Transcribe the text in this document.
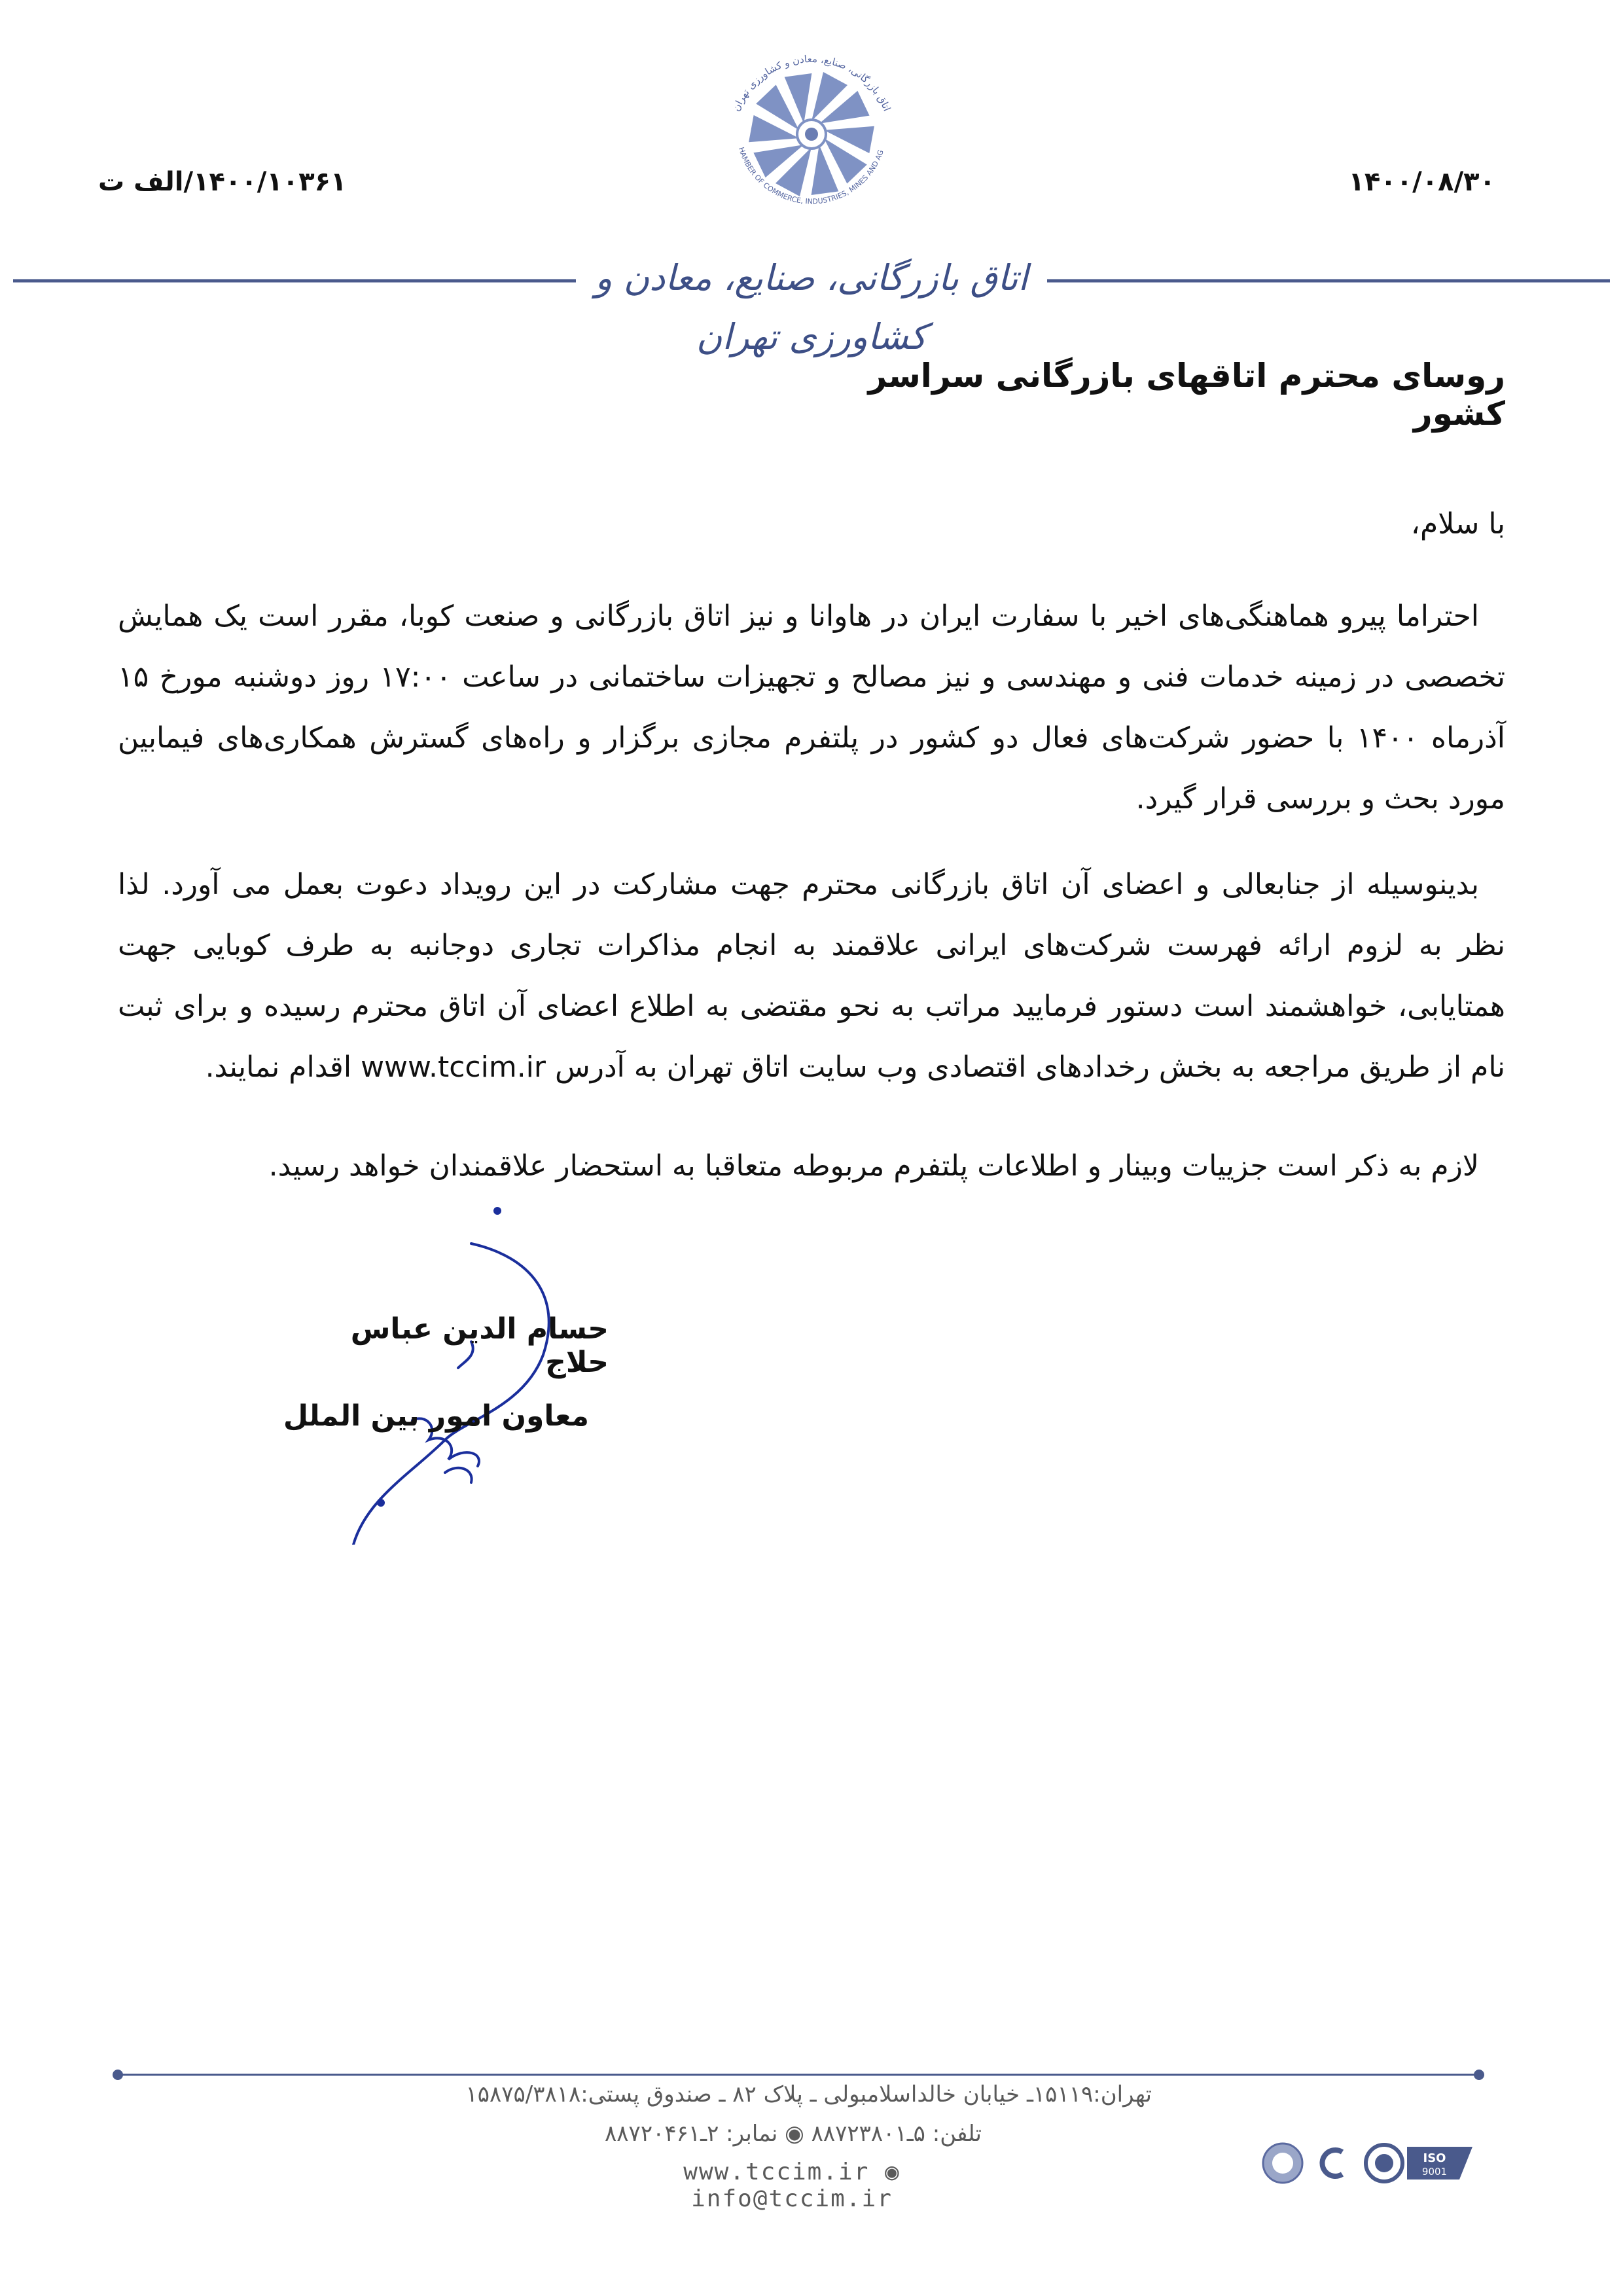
اتاق بازرگانی، صنایع، معادن و کشاورزی تهران
HAMBER OF COMMERCE, INDUSTRIES, MINES AND AG
۱۴۰۰/۰۸/۳۰
۱۴۰۰/۱۰۳۶۱/الف ت
اتاق بازرگانی، صنایع، معادن و کشاورزی تهران
روسای محترم اتاقهای بازرگانی سراسر کشور
با سلام،

احتراما پیرو هماهنگی‌های اخیر با سفارت ایران در هاوانا و نیز اتاق بازرگانی و صنعت کوبا، مقرر است یک همایش تخصصی در زمینه خدمات فنی و مهندسی و نیز مصالح و تجهیزات ساختمانی در ساعت ۱۷:۰۰ روز دوشنبه مورخ ۱۵ آذرماه ۱۴۰۰ با حضور شرکت‌های فعال دو کشور در پلتفرم مجازی برگزار و راه‌های گسترش همکاری‌های فیمابین مورد بحث و بررسی قرار گیرد.

بدینوسیله از جنابعالی و اعضای آن اتاق بازرگانی محترم جهت مشارکت در این رویداد دعوت بعمل می آورد. لذا نظر به لزوم ارائه فهرست شرکت‌های ایرانی علاقمند به انجام مذاکرات تجاری دوجانبه به طرف کوبایی جهت همتایابی، خواهشمند است دستور فرمایید مراتب به نحو مقتضی به اطلاع اعضای آن اتاق محترم رسیده و برای ثبت نام از طریق مراجعه به بخش رخدادهای اقتصادی وب سایت اتاق تهران به آدرس www.tccim.ir اقدام نمایند.

لازم به ذکر است جزییات وبینار و اطلاعات پلتفرم مربوطه متعاقبا به استحضار علاقمندان خواهد رسید.

حسام الدین عباس حلاج
معاون امور بین الملل
تهران:۱۵۱۱۹ـ خیابان خالداسلامبولی ـ پلاک ۸۲ ـ صندوق پستی:۱۵۸۷۵/۳۸۱۸
تلفن: ۵ـ۸۸۷۲۳۸۰۱ ◉ نمابر: ۲ـ۸۸۷۲۰۴۶۱
www.tccim.ir ◉ info@tccim.ir
ISO
9001
